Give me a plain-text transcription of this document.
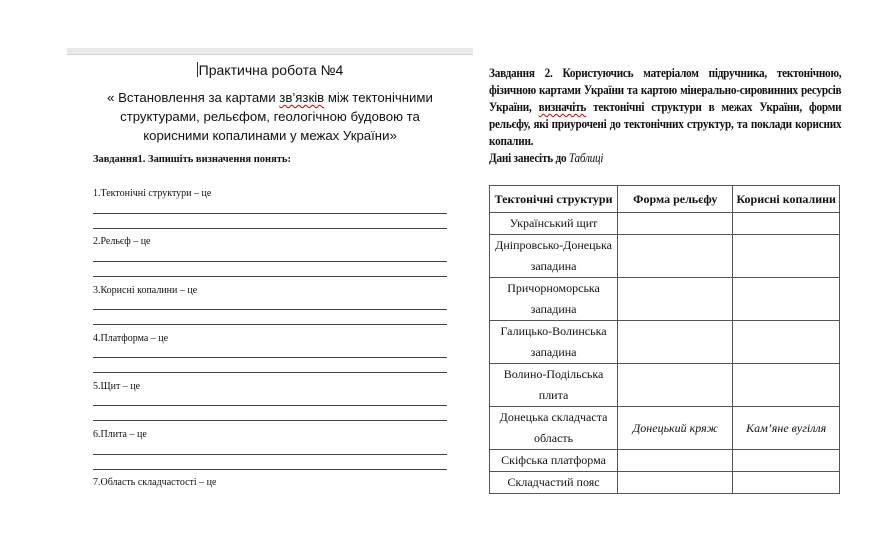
Практична робота №4
« Встановлення за картами зв’язків між тектонічними структурами, рельєфом, геологічною будовою та корисними копалинами у межах України»
Завдання1. Запишіть визначення понять:
1.Тектонічні структури – це
2.Рельєф – це
3.Корисні копалини – це
4.Платформа – це
5.Щит – це
6.Плита – це
7.Область складчастості – це
Завдання 2. Користуючись матеріалом підручника, тектонічною, фізичною картами України та картою мінерально-сировинних ресурсів України, визначіть тектонічні структури в межах України, форми рельєфу, які приурочені до тектонічних структур, та поклади корисних копалин.
Дані занесіть до Таблиці
Тектонічні структури	Форма рельєфу	Корисні копалини
Український щит		
Дніпровсько-Донецька западина		
Причорноморська западина		
Галицько-Волинська западина		
Волино-Подільська плита		
Донецька складчаста область	Донецький кряж	Кам’яне вугілля
Скіфська платформа		
Складчастий пояс		
